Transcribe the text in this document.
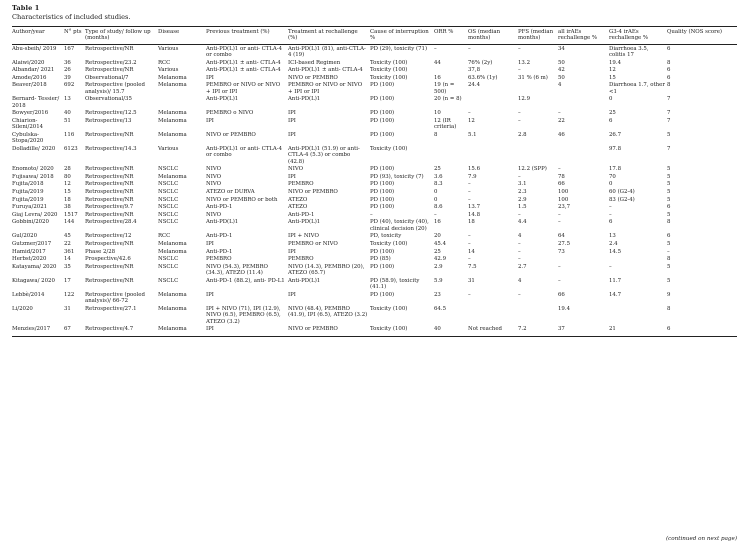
Table 1
Characteristics of included studies.
Author/year	N° pts	Type of study/ follow up (months)	Disease	Previous treatment (%)	Treatment at rechallenge (%)	Cause of interruption %	ORR %	OS (median months)	PFS (median months)	all irAEs rechallenge %	G3-4 irAEs rechallenge %	Quality (NOS score)
Abu-sbeih/ 2019	167	Retrospective/NR	Various	Anti-PD(L)1 or anti- CTLA-4 or combo	Anti-PD(L)1 (81), anti-CTLA-4 (19)	PD (29), toxicity (71)	–	–	–	34	Diarrhoea 3.5, colitis 17	6
Alaiwi/2020	36	Retrospective/23.2	RCC	Anti-PD(L)1 ± anti- CTLA-4	ICI-based Regimen	Toxicity (100)	44	76% (2y)	13.2	50	19.4	8
Albandar/ 2021	26	Retrospective/NR	Various	Anti-PD(L)1 ± anti- CTLA-4	Anti-PD(L)1 ± anti- CTLA-4	Toxicity (100)		37,8	–	42	12	6
Amode/2016	39	Observational/7	Melanoma	IPI	NIVO or PEMBRO	Toxicity (100)	16	63.6% (1y)	31 % (6 m)	50	15	6
Beaver/2018	692	Retrospective (pooled analysis)/ 15.7	Melanoma	PEMBRO or NIVO or NIVO + IPI or IPI	PEMBRO or NIVO or NIVO + IPI or IPI	PD (100)	19 (n = 500)	24.4		4	Diarrhoea 1.7, other <1	8
Bernard- Tessier/ 2018	13	Observational/35		Anti-PD(L)1	Anti-PD(L)1	PD (100)	20 (n = 8)		12.9		0	7
Bowyer/2016	40	Retrospective/12.5	Melanoma	PEMBRO o NIVO	IPI	PD (100)	10	–	–	–	25	7
Chiarion- Sileni/2014	51	Retrospective/13	Melanoma	IPI	IPI	PD (100)	12 (IR criteria)	12	–	22	6	7
Cybulska- Stopa/2020	116	Retrospective/NR	Melanoma	NIVO or PEMBRO	IPI	PD (100)	8	5.1	2.8	46	26.7	5
Dolladille/ 2020	6123	Retrospective/14.3	Various	Anti-PD(L)1 or anti- CTLA-4 or combo	Anti-PD(L)1 (51.9) or anti-CTLA-4 (5.3) or combo (42.8)	Toxicity (100)					97.8	7
Enomoto/ 2020	28	Retrospective/NR	NSCLC	NIVO	NIVO	PD (100)	25	15.6	12.2 (SPP)	–	17.8	5
Fujisawa/ 2018	80	Retrospective/NR	Melanoma	NIVO	IPI	PD (93), toxicity (7)	3.6	7.9	–	78	70	5
Fujita/2018	12	Retrospective/NR	NSCLC	NIVO	PEMBRO	PD (100)	8.3	–	3.1	66	0	5
Fujita/2019	15	Retrospective/NR	NSCLC	ATEZO or DURVA	NIVO or PEMBRO	PD (100)	0	–	2.3	100	60 (G2-4)	5
Fujita/2019	18	Retrospective/NR	NSCLC	NIVO or PEMBRO or both	ATEZO	PD (100)	0	–	2.9	100	83 (G2-4)	5
Furuya/2021	38	Retrospective/9.7	NSCLC	Anti-PD-1	ATEZO	PD (100)	8.6	13.7	1.5	23,7	–	6
Giaj Levra/ 2020	1517	Retrospective/NR	NSCLC	NIVO	Anti-PD-1	–	–	14.8	–	–	–	5
Gobbini/2020	144	Retrospective/28.4	NSCLC	Anti-PD(L)1	Anti-PD(L)1	PD (40), toxicity (40), clinical decision (20)	16	18	4.4	–	6	8
Gul/2020	45	Retrospective/12	RCC	Anti-PD-1	IPI + NIVO	PD, toxicity	20	–	4	64	13	6
Gutzmer/2017	22	Retrospective/NR	Melanoma	IPI	PEMBRO or NIVO	Toxicity (100)	45.4	–	–	27.5	2.4	5
Hamid/2017	361	Phase 2/28	Melanoma	Anti-PD-1	IPI	PD (100)	25	14	–	73	14.5	–
Herbst/2020	14	Prospective/42.6	NSCLC	PEMBRO	PEMBRO	PD (85)	42.9	–	–			8
Katayama/ 2020	35	Retrospective/NR	NSCLC	NIVO (54.3), PEMBRO (34.3), ATEZO (11.4)	NIVO (14.3), PEMBRO (20), ATEZO (65.7)	PD (100)	2.9	7.5	2.7	–	–	5
Kitagawa/ 2020	17	Retrospective/NR	NSCLC	Anti-PD-1 (88.2), anti- PD-L1	Anti-PD(L)1	PD (58.9), toxicity (41.1)	5.9	31	4	–	11.7	5
Lebbè/2014	122	Retrospective (pooled analysis)/ 66-72	Melanoma	IPI	IPI	PD (100)	23	–	–	66	14.7	9
Li/2020	31	Retrospective/27.1	Melanoma	IPI + NIVO (71), IPI (12.9), NIVO (6.5), PEMBRO (6.5), ATEZO (3.2)	NIVO (48.4), PEMBRO (41.9), IPI (6.5), ATEZO (3.2)	Toxicity (100)	64.5			19.4		8
Menzies/2017	67	Retrospective/4.7	Melanoma	IPI	NIVO or PEMBRO	Toxicity (100)	40	Not reached	7.2	37	21	6
(continued on next page)
